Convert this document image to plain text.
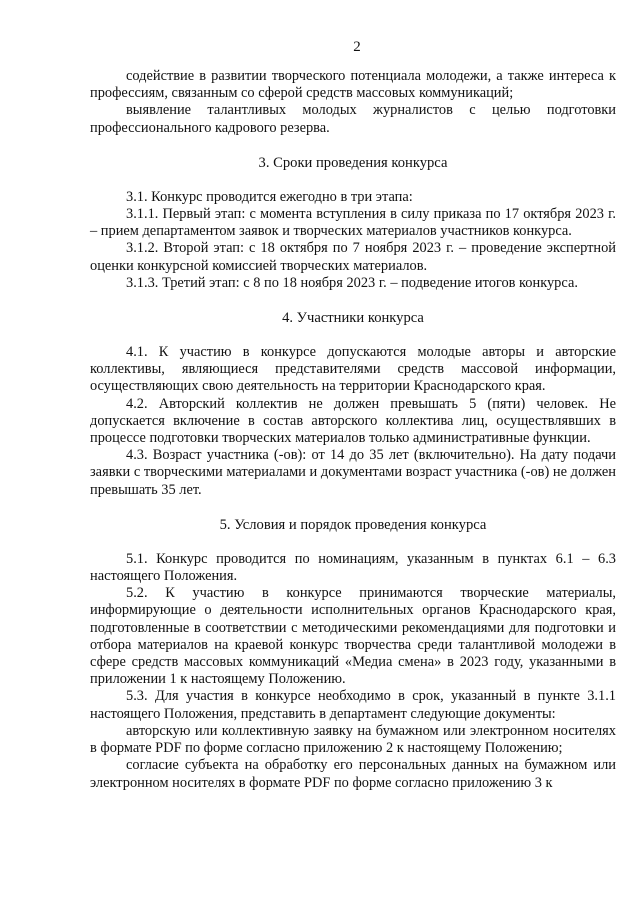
2

содействие в развитии творческого потенциала молодежи, а также интереса к профессиям, связанным со сферой средств массовых коммуникаций;

выявление талантливых молодых журналистов с целью подготовки профессионального кадрового резерва.

3. Сроки проведения конкурса

3.1. Конкурс проводится ежегодно в три этапа:

3.1.1. Первый этап: с момента вступления в силу приказа по 17 октября 2023 г. – прием департаментом заявок и творческих материалов участников конкурса.

3.1.2. Второй этап: с 18 октября по 7 ноября 2023 г. – проведение экспертной оценки конкурсной комиссией творческих материалов.

3.1.3. Третий этап: с 8 по 18 ноября 2023 г. – подведение итогов конкурса.

4. Участники конкурса

4.1. К участию в конкурсе допускаются молодые авторы и авторские коллективы, являющиеся представителями средств массовой информации, осуществляющих свою деятельность на территории Краснодарского края.

4.2. Авторский коллектив не должен превышать 5 (пяти) человек. Не допускается включение в состав авторского коллектива лиц, осуществлявших в процессе подготовки творческих материалов только административные функции.

4.3. Возраст участника (-ов): от 14 до 35 лет (включительно). На дату подачи заявки с творческими материалами и документами возраст участника (-ов) не должен превышать 35 лет.

5. Условия и порядок проведения конкурса

5.1. Конкурс проводится по номинациям, указанным в пунктах 6.1 – 6.3 настоящего Положения.

5.2. К участию в конкурсе принимаются творческие материалы, информирующие о деятельности исполнительных органов Краснодарского края, подготовленные в соответствии с методическими рекомендациями для подготовки и отбора материалов на краевой конкурс творчества среди талантливой молодежи в сфере средств массовых коммуникаций «Медиа смена» в 2023 году, указанными в приложении 1 к настоящему Положению.

5.3. Для участия в конкурсе необходимо в срок, указанный в пункте 3.1.1 настоящего Положения, представить в департамент следующие документы:

авторскую или коллективную заявку на бумажном или электронном носителях в формате PDF по форме согласно приложению 2 к настоящему Положению;

согласие субъекта на обработку его персональных данных на бумажном или электронном носителях в формате PDF по форме согласно приложению 3 к
